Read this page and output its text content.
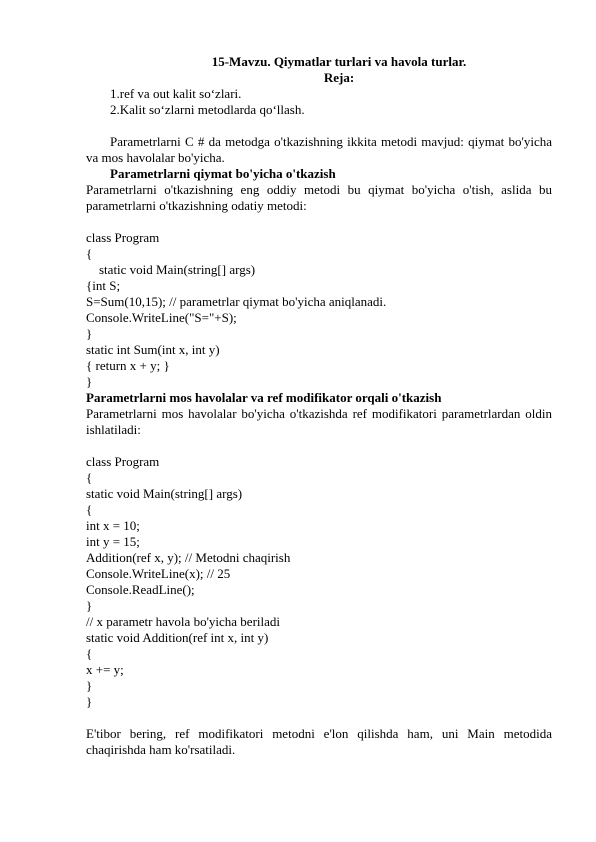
15-Mavzu. Qiymatlar turlari va havola turlar.
Reja:
1.ref va out kalit so‘zlari.
2.Kalit so‘zlarni metodlarda qo‘llash.
Parametrlarni C # da metodga o'tkazishning ikkita metodi mavjud: qiymat bo'yicha va mos havolalar bo'yicha.
Parametrlarni qiymat bo'yicha o'tkazish
Parametrlarni o'tkazishning eng oddiy metodi bu qiymat bo'yicha o'tish, aslida bu parametrlarni o'tkazishning odatiy metodi:
class Program
{
static void Main(string[] args)
{int S;
S=Sum(10,15); // parametrlar qiymat bo'yicha aniqlanadi.
Console.WriteLine("S="+S);
}
static int Sum(int x, int y)
{ return x + y; }
}
Parametrlarni mos havolalar va ref modifikator orqali o'tkazish
Parametrlarni mos havolalar bo'yicha o'tkazishda ref modifikatori parametrlardan oldin ishlatiladi:
class Program
{
static void Main(string[] args)
{
int x = 10;
int y = 15;
Addition(ref x, y); // Metodni chaqirish
Console.WriteLine(x); // 25
Console.ReadLine();
}
// x parametr havola bo'yicha beriladi
static void Addition(ref int x, int y)
{
x += y;
}
}
E'tibor bering, ref modifikatori metodni e'lon qilishda ham, uni Main metodida chaqirishda ham ko'rsatiladi.
